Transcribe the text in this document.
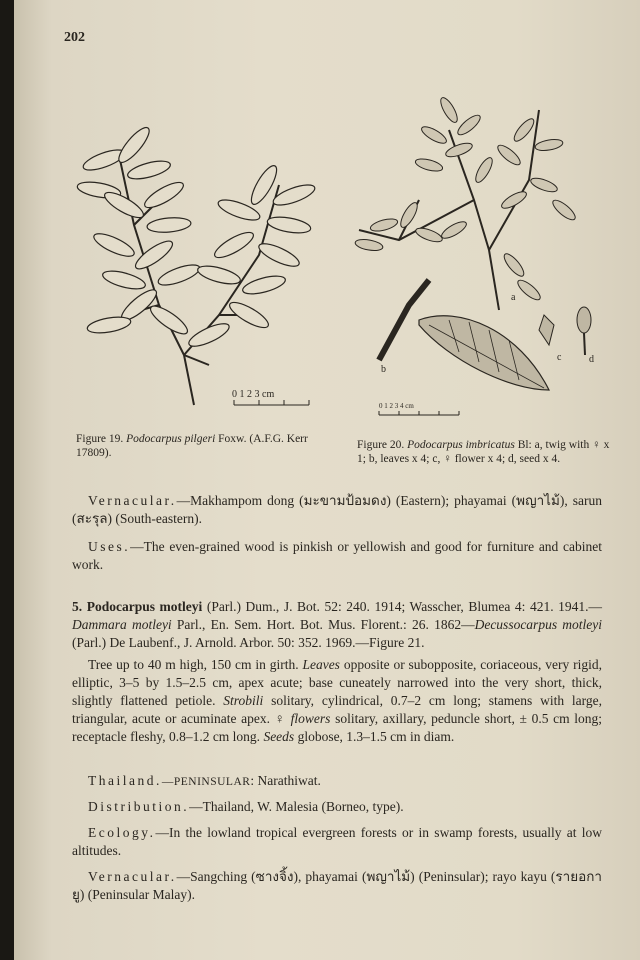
202
0 1 2 3 cm
a
b
c	d
0 1 2 3 4 cm
Figure 19. Podocarpus pilgeri Foxw. (A.F.G. Kerr 17809).
Figure 20. Podocarpus imbricatus Bl: a, twig with ♀ x 1; b, leaves x 4; c, ♀ flower x 4; d, seed x 4.

Vernacular.—Makhampom dong (มะขามป้อมดง) (Eastern); phayamai (พญาไม้), sarun (สะรุล) (South-eastern).

Uses.—The even-grained wood is pinkish or yellowish and good for furniture and cabinet work.

5. Podocarpus motleyi (Parl.) Dum., J. Bot. 52: 240. 1914; Wasscher, Blumea 4: 421. 1941.—Dammara motleyi Parl., En. Sem. Hort. Bot. Mus. Florent.: 26. 1862—Decussocarpus motleyi (Parl.) De Laubenf., J. Arnold. Arbor. 50: 352. 1969.—Figure 21.

Tree up to 40 m high, 150 cm in girth. Leaves opposite or subopposite, coriaceous, very rigid, elliptic, 3–5 by 1.5–2.5 cm, apex acute; base cuneately narrowed into the very short, thick, slightly flattened petiole. Strobili solitary, cylindrical, 0.7–2 cm long; stamens with large, triangular, acute or acuminate apex. ♀ flowers solitary, axillary, peduncle short, ± 0.5 cm long; receptacle fleshy, 0.8–1.2 cm long. Seeds globose, 1.3–1.5 cm in diam.

Thailand.—PENINSULAR: Narathiwat.

Distribution.—Thailand, W. Malesia (Borneo, type).

Ecology.—In the lowland tropical evergreen forests or in swamp forests, usually at low altitudes.

Vernacular.—Sangching (ซางจิ้ง), phayamai (พญาไม้) (Peninsular); rayo kayu (รายอกายู) (Peninsular Malay).
